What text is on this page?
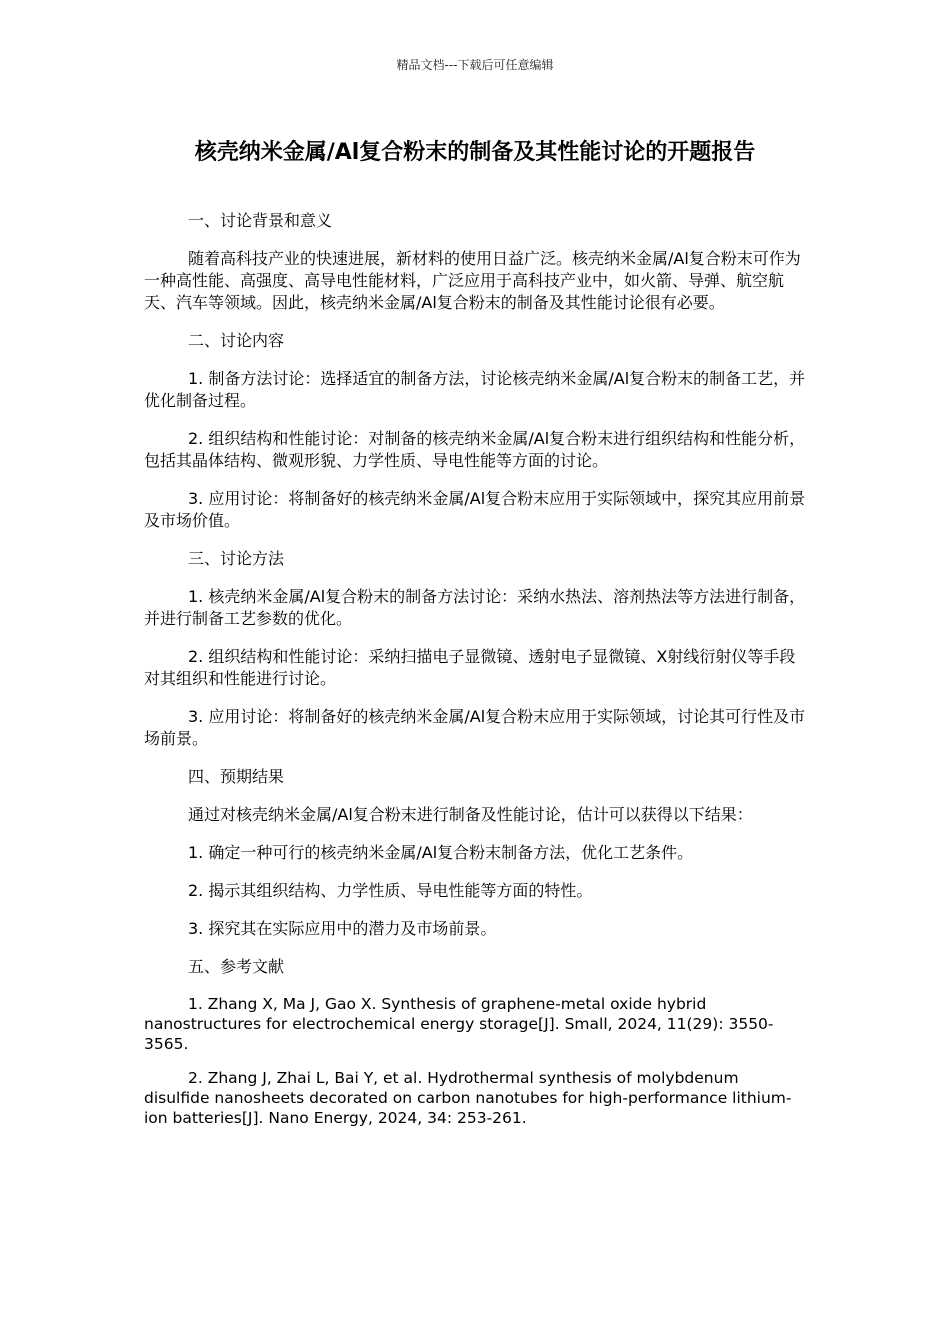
精品文档---下载后可任意编辑
核壳纳米金属/Al复合粉末的制备及其性能讨论的开题报告

一、讨论背景和意义

随着高科技产业的快速进展，新材料的使用日益广泛。核壳纳米金属/Al复合粉末可作为一种高性能、高强度、高导电性能材料，广泛应用于高科技产业中，如火箭、导弹、航空航天、汽车等领域。因此，核壳纳米金属/Al复合粉末的制备及其性能讨论很有必要。

二、讨论内容

1. 制备方法讨论：选择适宜的制备方法，讨论核壳纳米金属/Al复合粉末的制备工艺，并优化制备过程。

2. 组织结构和性能讨论：对制备的核壳纳米金属/Al复合粉末进行组织结构和性能分析，包括其晶体结构、微观形貌、力学性质、导电性能等方面的讨论。

3. 应用讨论：将制备好的核壳纳米金属/Al复合粉末应用于实际领域中，探究其应用前景及市场价值。

三、讨论方法

1. 核壳纳米金属/Al复合粉末的制备方法讨论：采纳水热法、溶剂热法等方法进行制备，并进行制备工艺参数的优化。

2. 组织结构和性能讨论：采纳扫描电子显微镜、透射电子显微镜、X射线衍射仪等手段对其组织和性能进行讨论。

3. 应用讨论：将制备好的核壳纳米金属/Al复合粉末应用于实际领域，讨论其可行性及市场前景。

四、预期结果

通过对核壳纳米金属/Al复合粉末进行制备及性能讨论，估计可以获得以下结果：

1. 确定一种可行的核壳纳米金属/Al复合粉末制备方法，优化工艺条件。

2. 揭示其组织结构、力学性质、导电性能等方面的特性。

3. 探究其在实际应用中的潜力及市场前景。

五、参考文献

1. Zhang X, Ma J, Gao X. Synthesis of graphene-metal oxide hybrid nanostructures for electrochemical energy storage[J]. Small, 2024, 11(29): 3550-3565.

2. Zhang J, Zhai L, Bai Y, et al. Hydrothermal synthesis of molybdenum disulfide nanosheets decorated on carbon nanotubes for high-performance lithium-ion batteries[J]. Nano Energy, 2024, 34: 253-261.
